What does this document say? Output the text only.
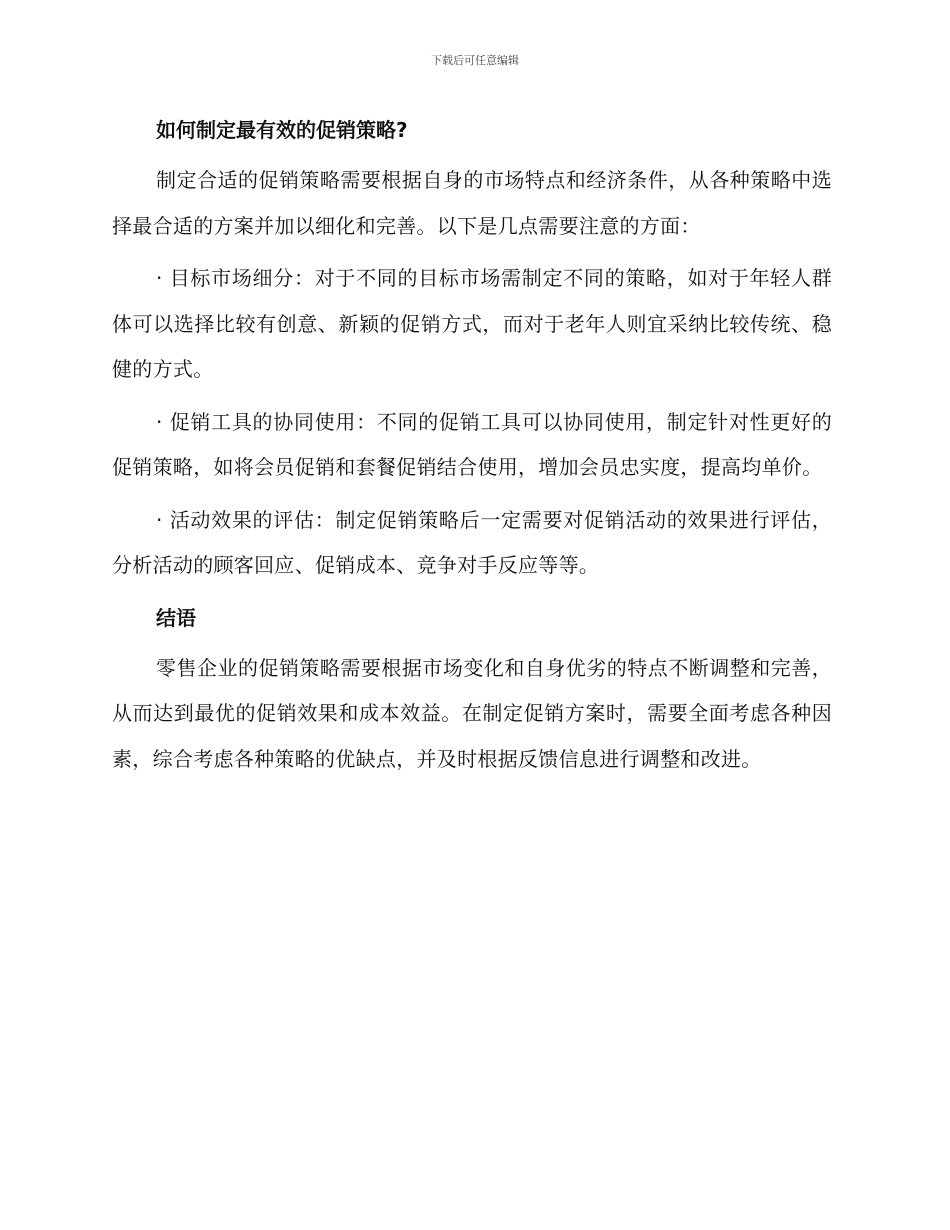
下载后可任意编辑
如何制定最有效的促销策略?

制定合适的促销策略需要根据自身的市场特点和经济条件，从各种策略中选择最合适的方案并加以细化和完善。以下是几点需要注意的方面：

· 目标市场细分：对于不同的目标市场需制定不同的策略，如对于年轻人群体可以选择比较有创意、新颖的促销方式，而对于老年人则宜采纳比较传统、稳健的方式。

· 促销工具的协同使用：不同的促销工具可以协同使用，制定针对性更好的促销策略，如将会员促销和套餐促销结合使用，增加会员忠实度，提高均单价。

· 活动效果的评估：制定促销策略后一定需要对促销活动的效果进行评估，分析活动的顾客回应、促销成本、竞争对手反应等等。

结语

零售企业的促销策略需要根据市场变化和自身优劣的特点不断调整和完善，从而达到最优的促销效果和成本效益。在制定促销方案时，需要全面考虑各种因素，综合考虑各种策略的优缺点，并及时根据反馈信息进行调整和改进。
